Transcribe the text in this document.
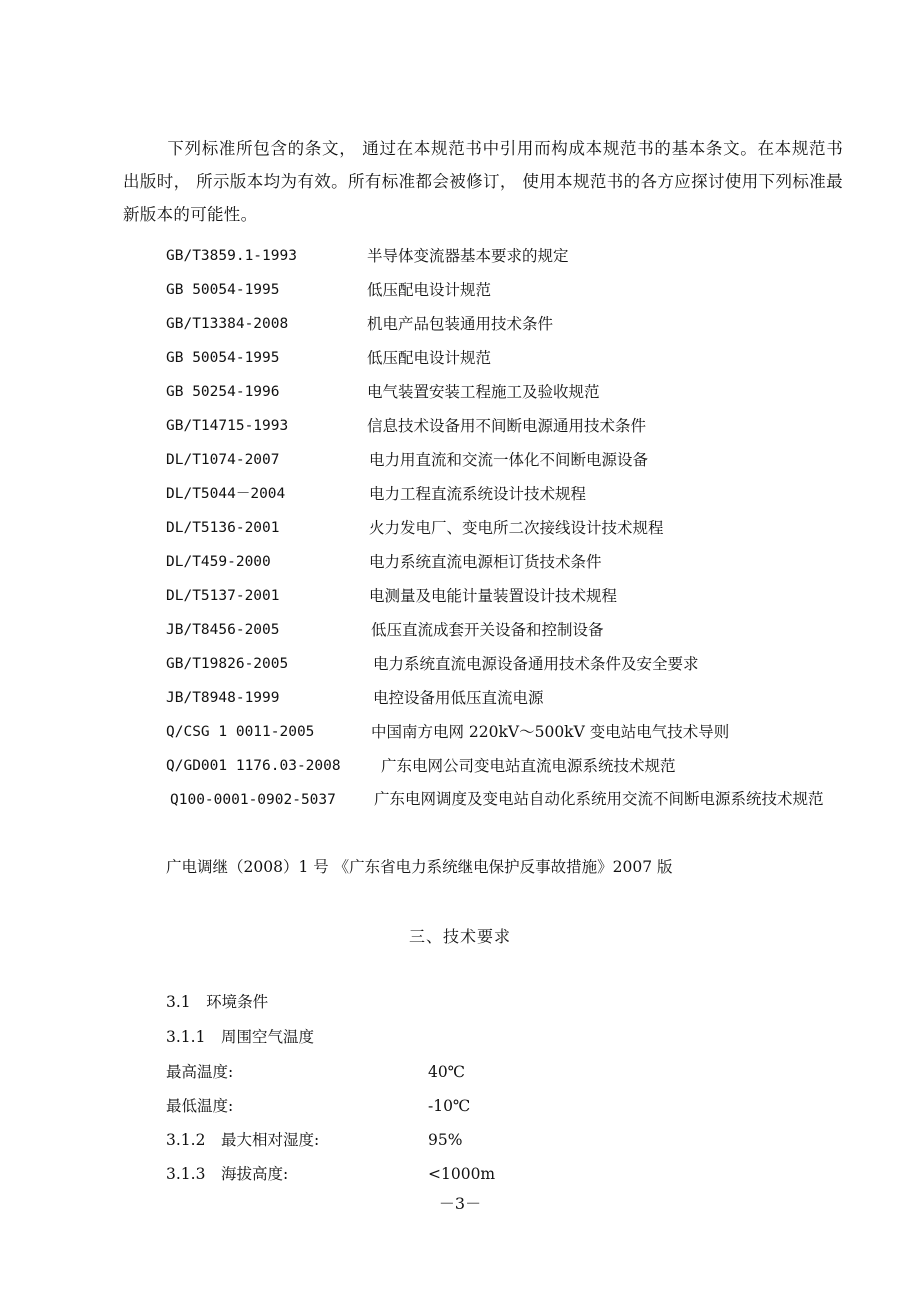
下列标准所包含的条文， 通过在本规范书中引用而构成本规范书的基本条文。在本规范书出版时， 所示版本均为有效。所有标准都会被修订， 使用本规范书的各方应探讨使用下列标准最新版本的可能性。

GB/T3859.1-1993	半导体变流器基本要求的规定
GB 50054-1995	低压配电设计规范
GB/T13384-2008	机电产品包装通用技术条件
GB 50054-1995	低压配电设计规范
GB 50254-1996	电气装置安装工程施工及验收规范
GB/T14715-1993	信息技术设备用不间断电源通用技术条件
DL/T1074-2007	电力用直流和交流一体化不间断电源设备
DL/T5044－2004	电力工程直流系统设计技术规程
DL/T5136-2001	火力发电厂、变电所二次接线设计技术规程
DL/T459-2000	电力系统直流电源柜订货技术条件
DL/T5137-2001	电测量及电能计量装置设计技术规程
JB/T8456-2005	低压直流成套开关设备和控制设备
GB/T19826-2005	电力系统直流电源设备通用技术条件及安全要求
JB/T8948-1999	电控设备用低压直流电源
Q/CSG 1 0011-2005	中国南方电网 220kV～500kV 变电站电气技术导则
Q/GD001 1176.03-2008	广东电网公司变电站直流电源系统技术规范
Q100-0001-0902-5037 广东电网调度及变电站自动化系统用交流不间断电源系统技术规范
广电调继（2008）1 号 《广东省电力系统继电保护反事故措施》2007 版
三、技术要求
3.1　环境条件
3.1.1　周围空气温度
最高温度:	40℃
最低温度:	-10℃
3.1.2　最大相对湿度:	95%
3.1.3　海拔高度:	<1000m
－3－
